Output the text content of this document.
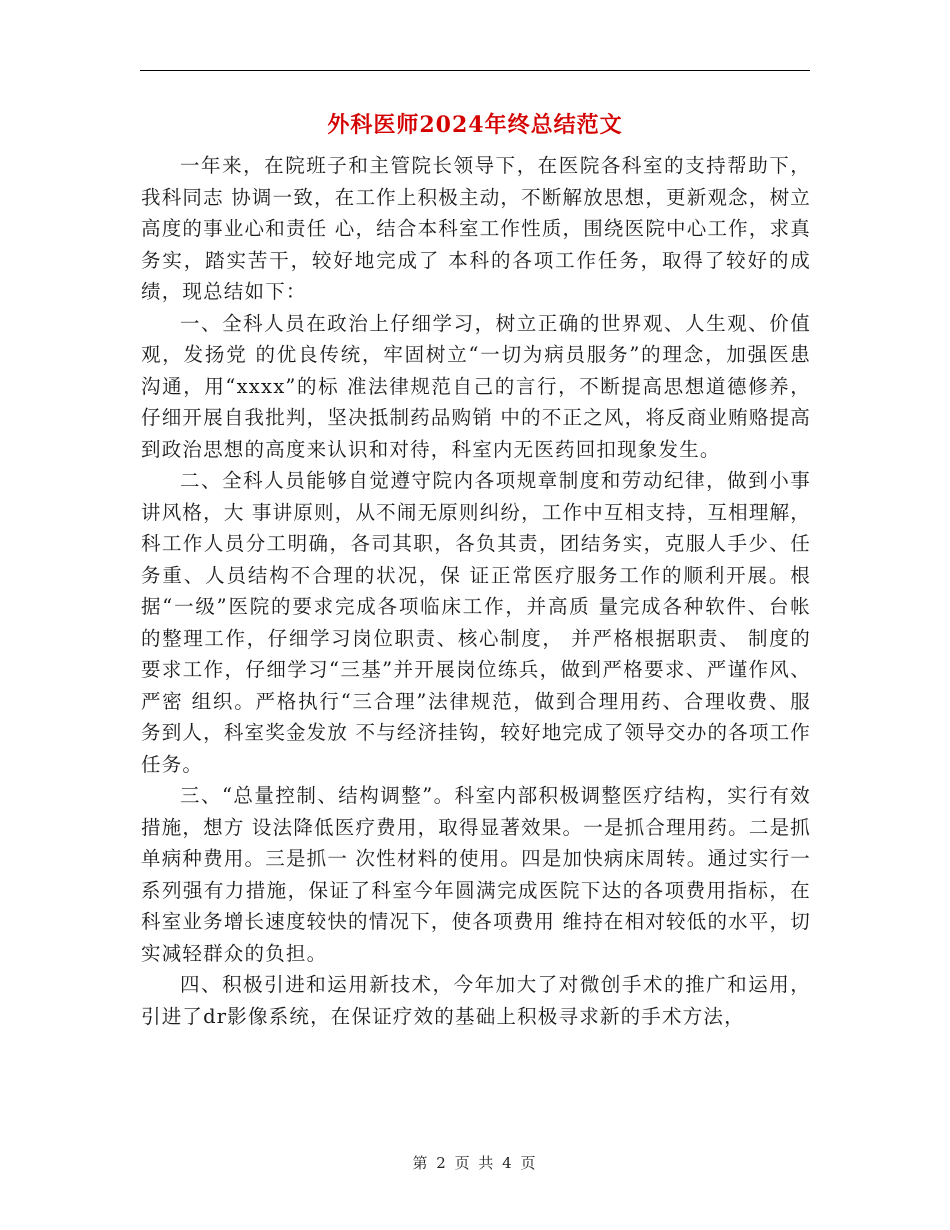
外科医师2024年终总结范文

一年来，在院班子和主管院长领导下，在医院各科室的支持帮助下，我科同志 协调一致，在工作上积极主动，不断解放思想，更新观念，树立高度的事业心和责任 心，结合本科室工作性质，围绕医院中心工作，求真务实，踏实苦干，较好地完成了 本科的各项工作任务，取得了较好的成绩，现总结如下：

一、全科人员在政治上仔细学习，树立正确的世界观、人生观、价值观，发扬党 的优良传统，牢固树立“一切为病员服务”的理念，加强医患沟通，用“xxxx”的标 准法律规范自己的言行，不断提高思想道德修养，仔细开展自我批判，坚决抵制药品购销 中的不正之风，将反商业贿赂提高到政治思想的高度来认识和对待，科室内无医药回扣现象发生。

二、全科人员能够自觉遵守院内各项规章制度和劳动纪律，做到小事讲风格，大 事讲原则，从不闹无原则纠纷，工作中互相支持，互相理解，科工作人员分工明确，各司其职，各负其责，团结务实，克服人手少、任务重、人员结构不合理的状况，保 证正常医疗服务工作的顺利开展。根据“一级”医院的要求完成各项临床工作，并高质 量完成各种软件、台帐的整理工作，仔细学习岗位职责、核心制度， 并严格根据职责、 制度的要求工作，仔细学习“三基”并开展岗位练兵，做到严格要求、严谨作风、严密 组织。严格执行“三合理”法律规范，做到合理用药、合理收费、服务到人，科室奖金发放 不与经济挂钩，较好地完成了领导交办的各项工作任务。

三、“总量控制、结构调整”。科室内部积极调整医疗结构，实行有效措施，想方 设法降低医疗费用，取得显著效果。一是抓合理用药。二是抓单病种费用。三是抓一 次性材料的使用。四是加快病床周转。通过实行一系列强有力措施，保证了科室今年圆满完成医院下达的各项费用指标，在科室业务增长速度较快的情况下，使各项费用 维持在相对较低的水平，切实减轻群众的负担。

四、积极引进和运用新技术，今年加大了对微创手术的推广和运用，引进了dr影像系统，在保证疗效的基础上积极寻求新的手术方法，

第 2 页 共 4 页
